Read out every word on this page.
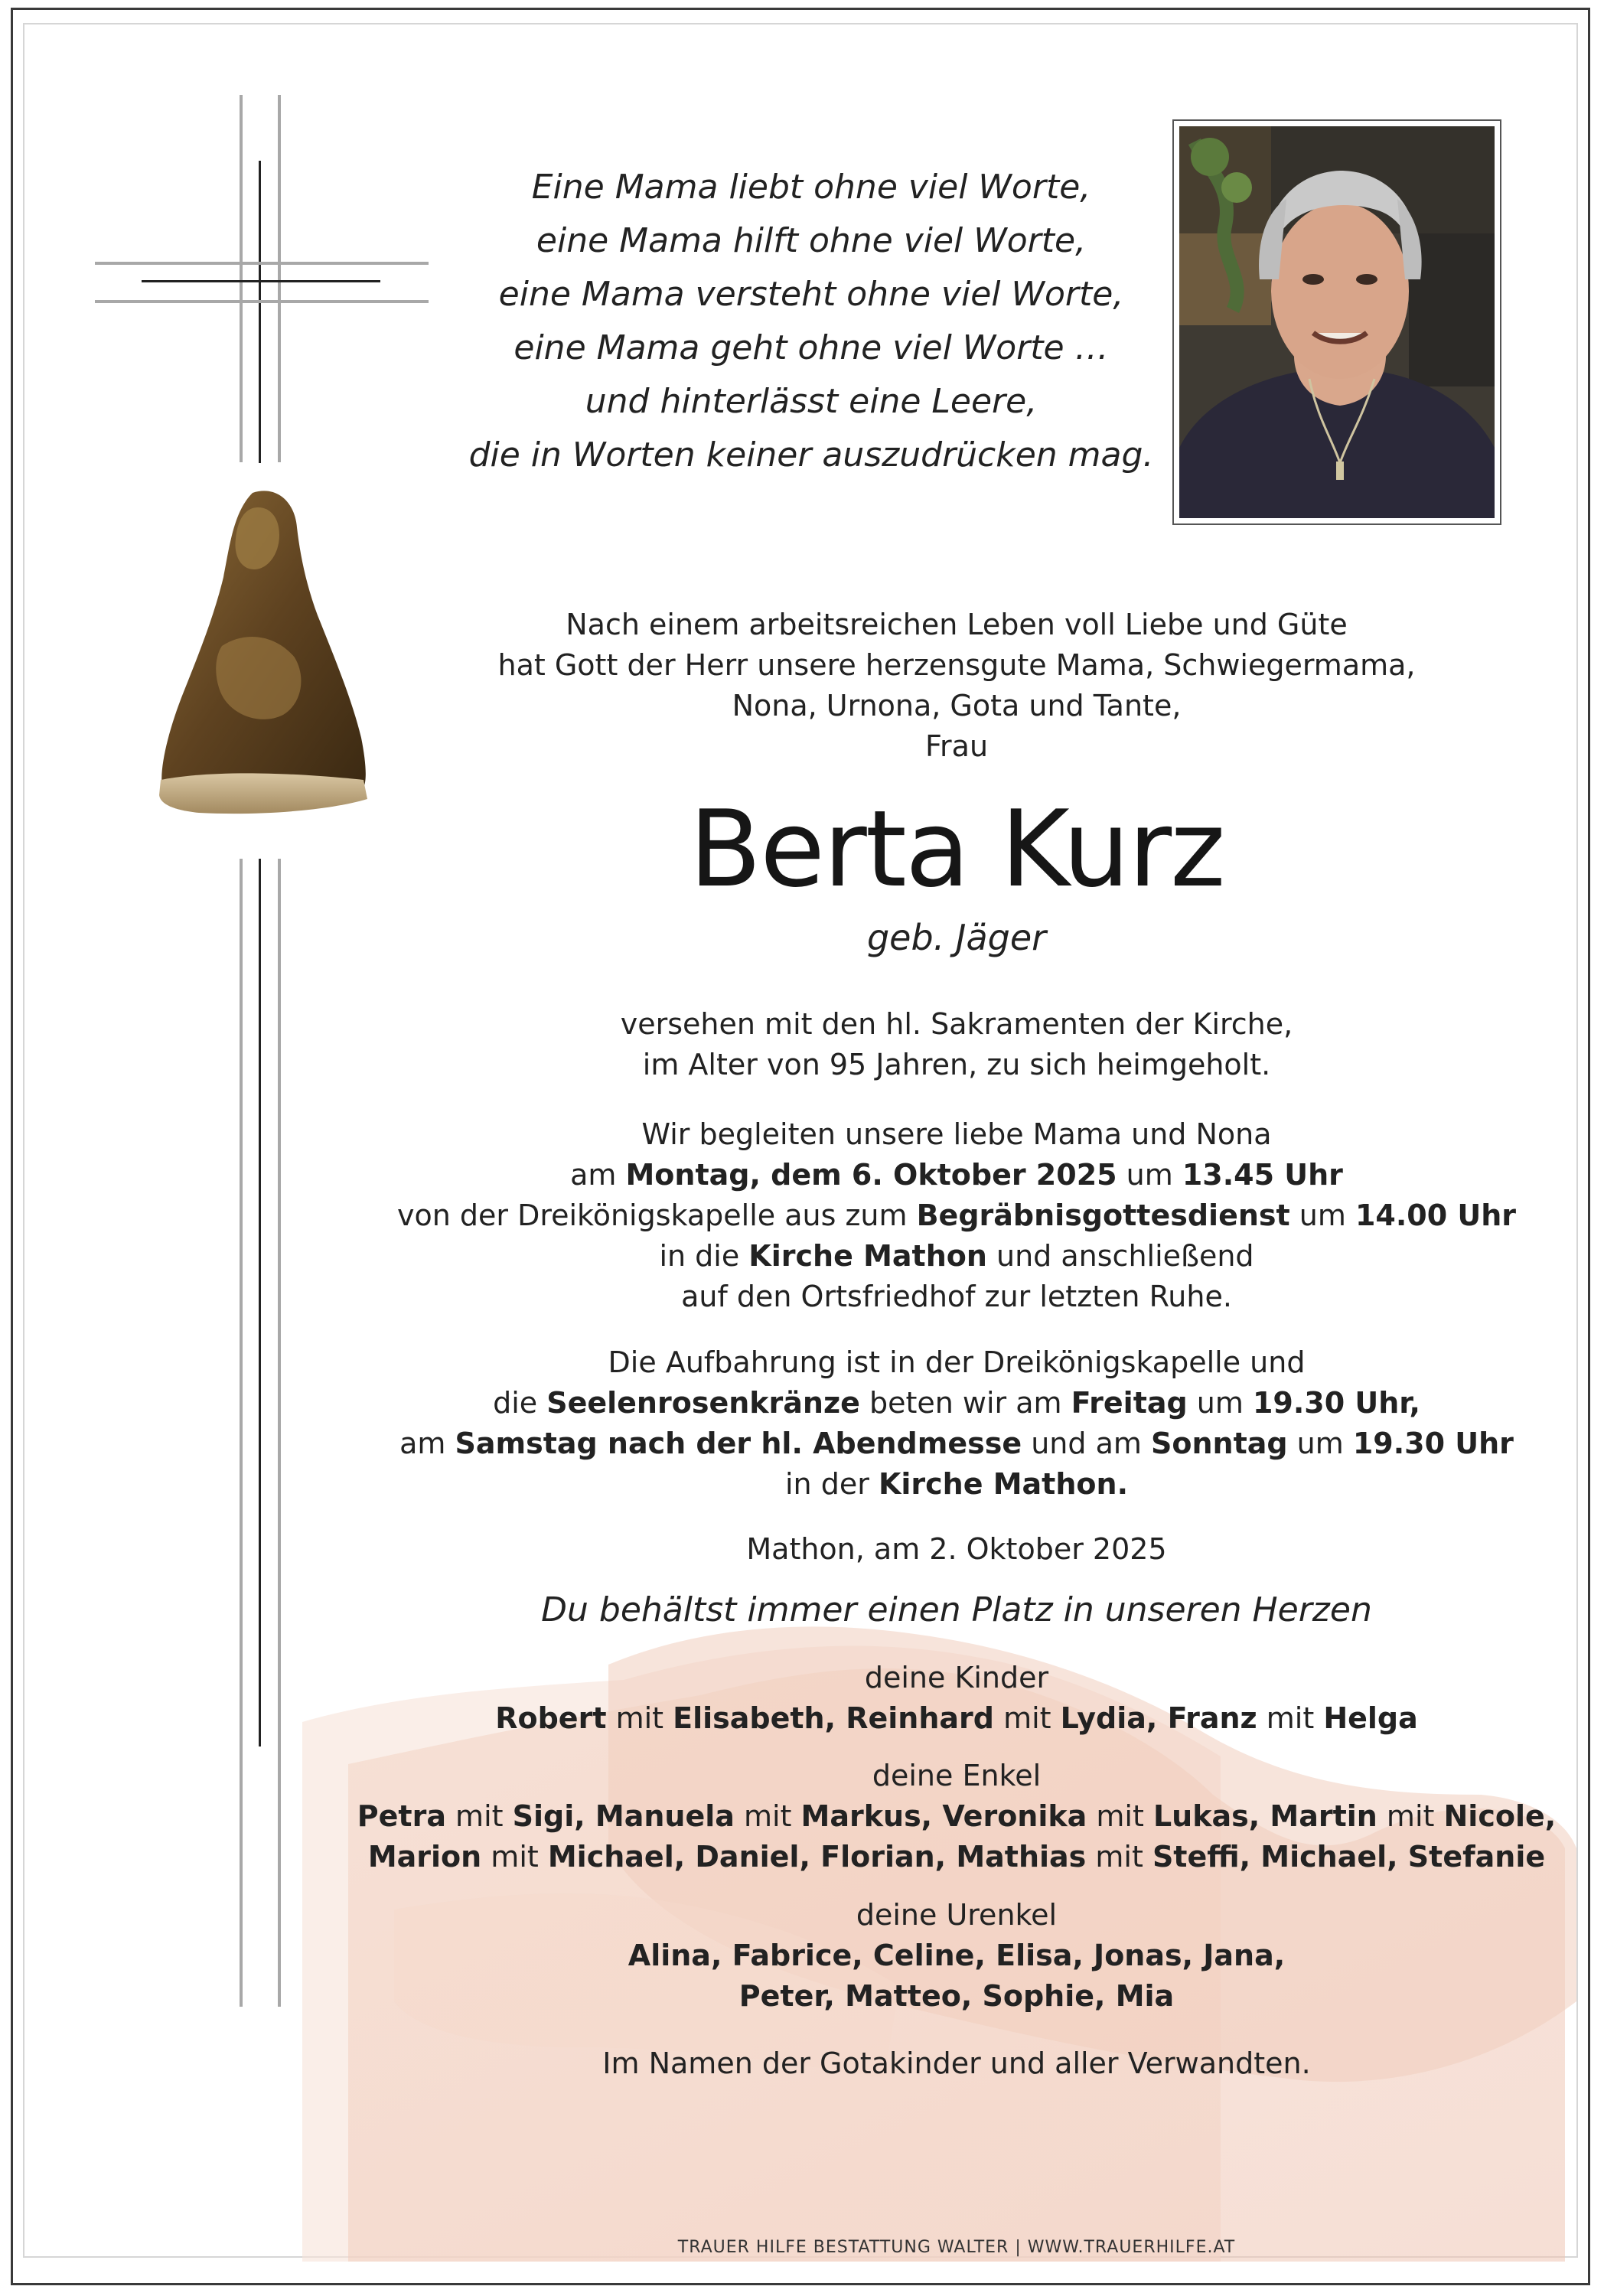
Eine Mama liebt ohne viel Worte,
eine Mama hilft ohne viel Worte,
eine Mama versteht ohne viel Worte,
eine Mama geht ohne viel Worte …
und hinterlässt eine Leere,
die in Worten keiner auszudrücken mag.
Nach einem arbeitsreichen Leben voll Liebe und Güte
hat Gott der Herr unsere herzensgute Mama, Schwiegermama,
Nona, Urnona, Gota und Tante,
Frau
Berta Kurz
geb. Jäger
versehen mit den hl. Sakramenten der Kirche,
im Alter von 95 Jahren, zu sich heimgeholt.
Wir begleiten unsere liebe Mama und Nona
am Montag, dem 6. Oktober 2025 um 13.45 Uhr
von der Dreikönigskapelle aus zum Begräbnisgottesdienst um 14.00 Uhr
in die Kirche Mathon und anschließend
auf den Ortsfriedhof zur letzten Ruhe.
Die Aufbahrung ist in der Dreikönigskapelle und
die Seelenrosenkränze beten wir am Freitag um 19.30 Uhr,
am Samstag nach der hl. Abendmesse und am Sonntag um 19.30 Uhr
in der Kirche Mathon.
Mathon, am 2. Oktober 2025
Du behältst immer einen Platz in unseren Herzen
deine Kinder
Robert mit Elisabeth, Reinhard mit Lydia, Franz mit Helga
deine Enkel
Petra mit Sigi, Manuela mit Markus, Veronika mit Lukas, Martin mit Nicole,
Marion mit Michael, Daniel, Florian, Mathias mit Steffi, Michael, Stefanie
deine Urenkel
Alina, Fabrice, Celine, Elisa, Jonas, Jana,
Peter, Matteo, Sophie, Mia
Im Namen der Gotakinder und aller Verwandten.
TRAUER HILFE BESTATTUNG WALTER | WWW.TRAUERHILFE.AT
